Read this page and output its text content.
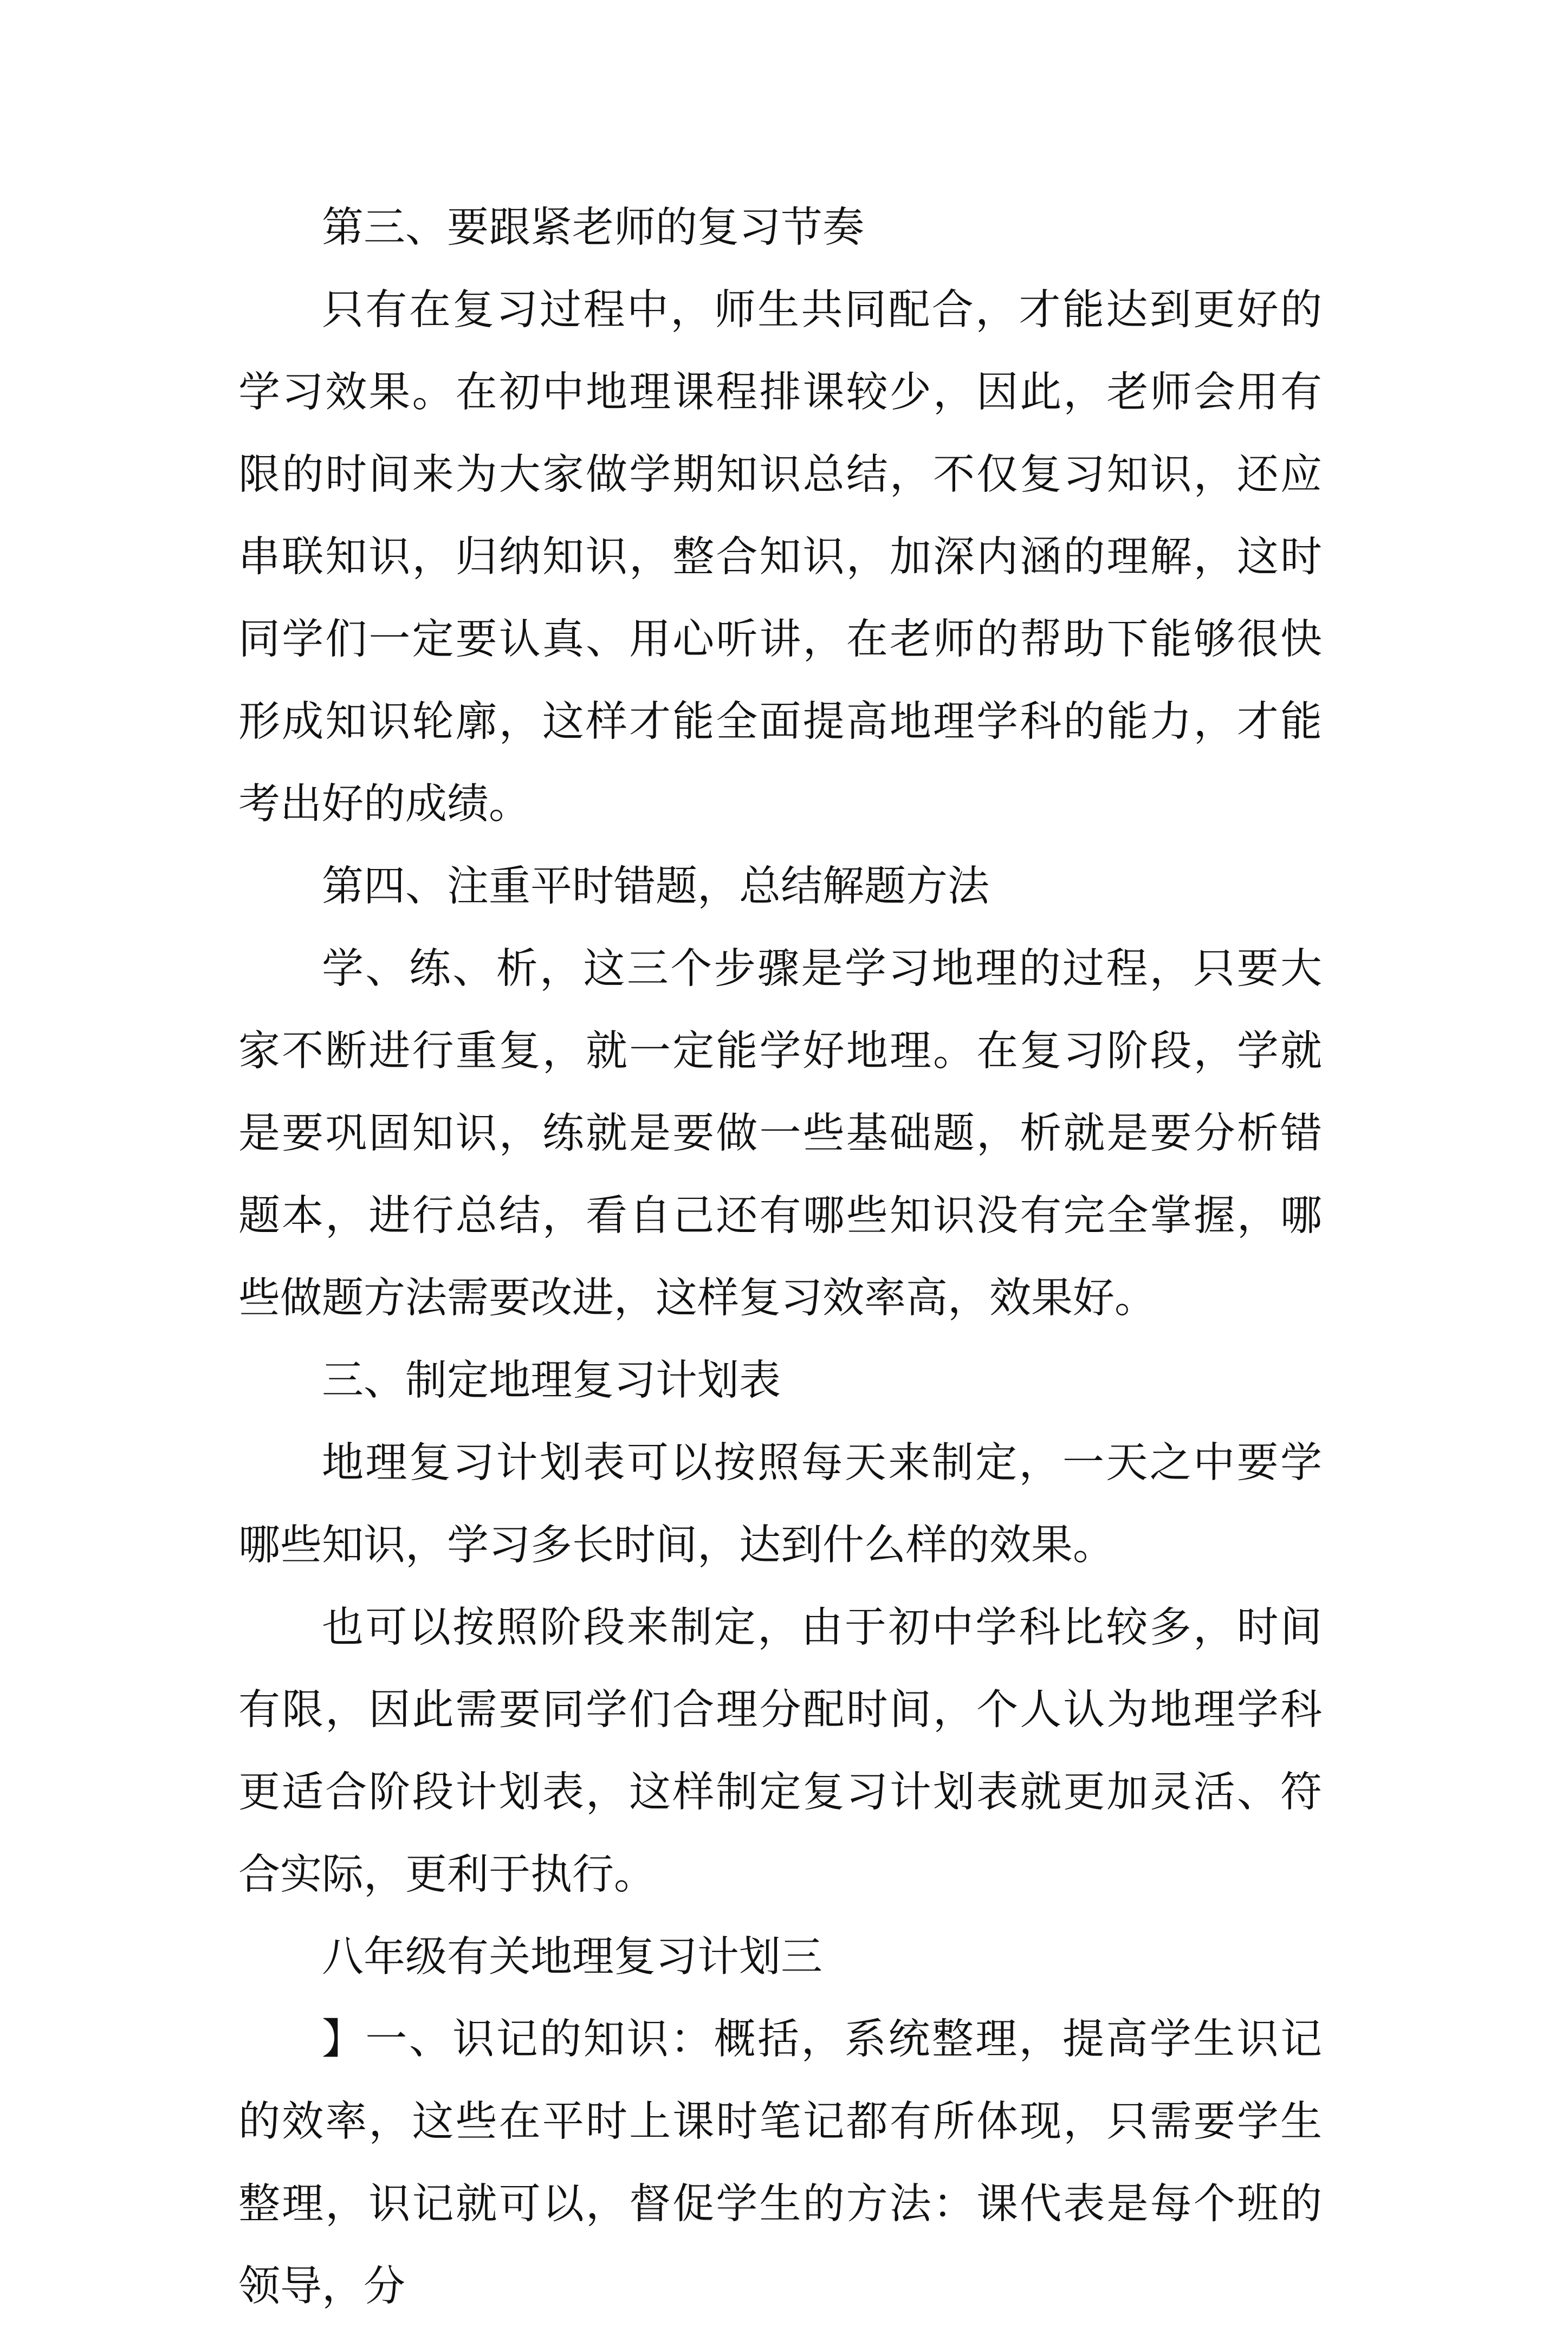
第三、要跟紧老师的复习节奏

只有在复习过程中，师生共同配合，才能达到更好的学习效果。在初中地理课程排课较少，因此，老师会用有限的时间来为大家做学期知识总结，不仅复习知识，还应串联知识，归纳知识，整合知识，加深内涵的理解，这时同学们一定要认真、用心听讲，在老师的帮助下能够很快形成知识轮廓，这样才能全面提高地理学科的能力，才能考出好的成绩。

第四、注重平时错题，总结解题方法

学、练、析，这三个步骤是学习地理的过程，只要大家不断进行重复，就一定能学好地理。在复习阶段，学就是要巩固知识，练就是要做一些基础题，析就是要分析错题本，进行总结，看自己还有哪些知识没有完全掌握，哪些做题方法需要改进，这样复习效率高，效果好。

三、制定地理复习计划表

地理复习计划表可以按照每天来制定，一天之中要学哪些知识，学习多长时间，达到什么样的效果。

也可以按照阶段来制定，由于初中学科比较多，时间有限，因此需要同学们合理分配时间，个人认为地理学科更适合阶段计划表，这样制定复习计划表就更加灵活、符合实际，更利于执行。

八年级有关地理复习计划三

】一、识记的知识：概括，系统整理，提高学生识记的效率，这些在平时上课时笔记都有所体现，只需要学生整理，识记就可以，督促学生的方法：课代表是每个班的领导，分
